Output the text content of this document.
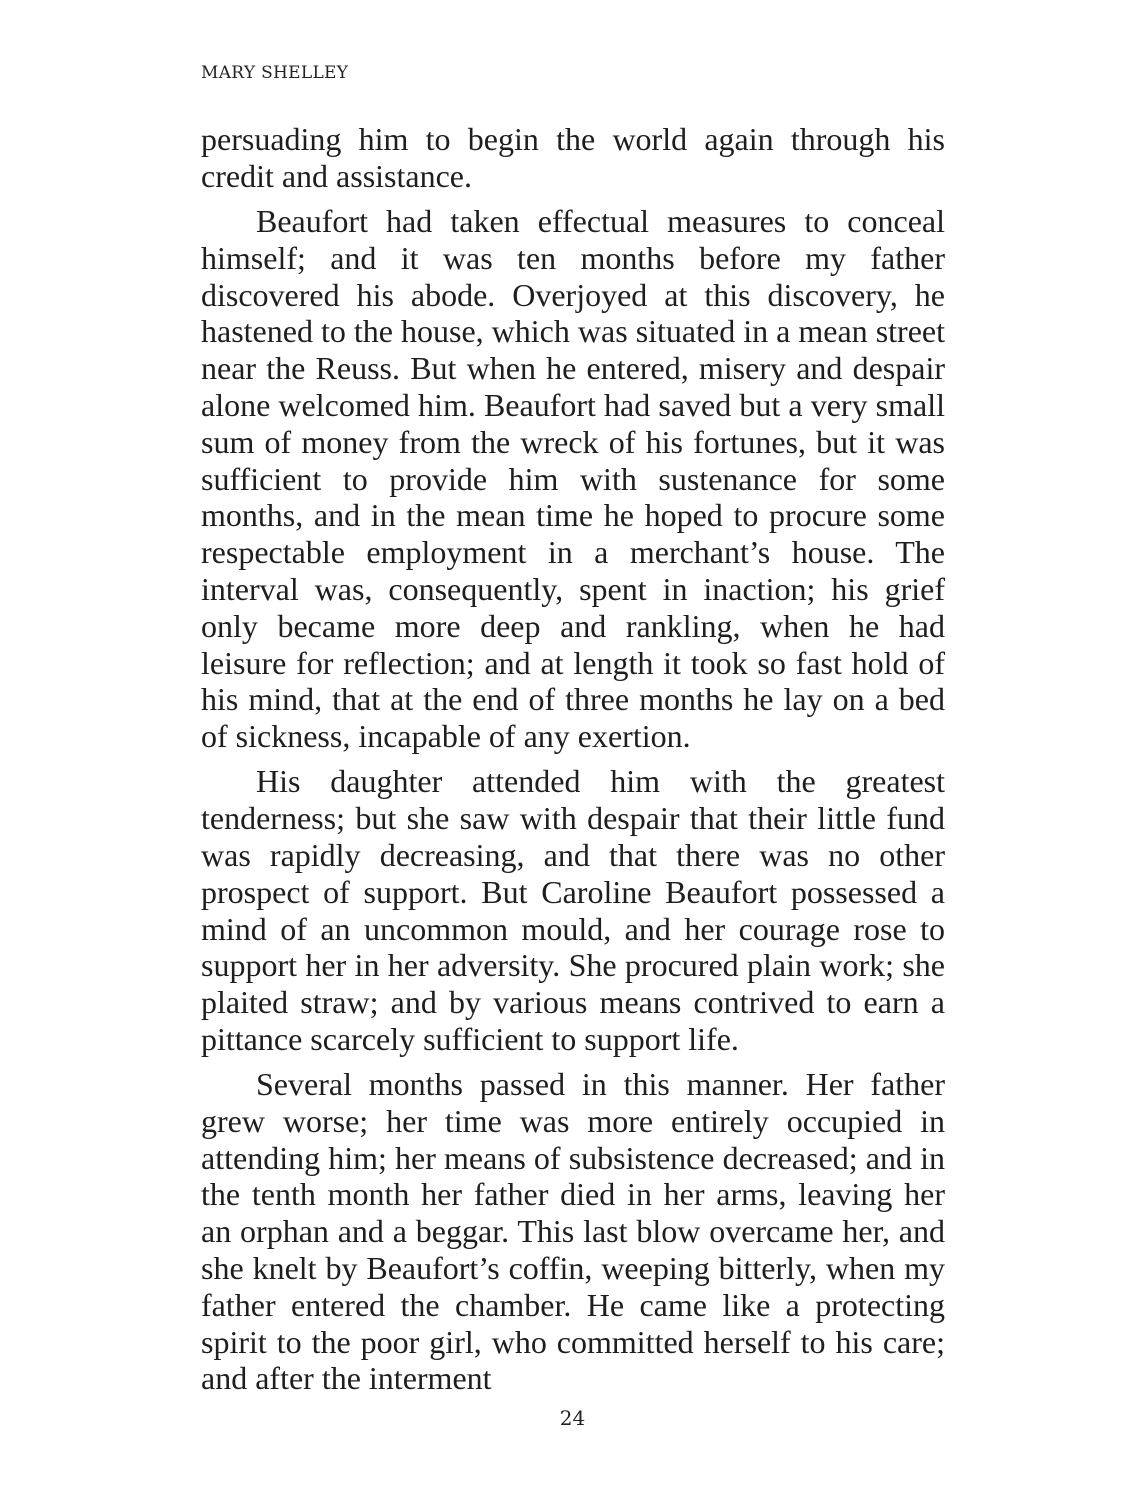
MARY SHELLEY

persuading him to begin the world again through his credit and assistance.

Beaufort had taken effectual measures to conceal himself; and it was ten months before my father discovered his abode. Overjoyed at this discovery, he hastened to the house, which was situated in a mean street near the Reuss. But when he entered, misery and despair alone welcomed him. Beaufort had saved but a very small sum of money from the wreck of his fortunes, but it was sufficient to provide him with sustenance for some months, and in the mean time he hoped to procure some respectable employment in a merchant’s house. The interval was, consequently, spent in inaction; his grief only became more deep and rankling, when he had leisure for reflection; and at length it took so fast hold of his mind, that at the end of three months he lay on a bed of sickness, incapable of any exertion.

His daughter attended him with the greatest tenderness; but she saw with despair that their little fund was rapidly decreasing, and that there was no other prospect of support. But Caroline Beaufort possessed a mind of an uncommon mould, and her courage rose to support her in her adversity. She procured plain work; she plaited straw; and by various means contrived to earn a pittance scarcely sufficient to support life.

Several months passed in this manner. Her father grew worse; her time was more entirely occupied in attending him; her means of subsistence decreased; and in the tenth month her father died in her arms, leaving her an orphan and a beggar. This last blow overcame her, and she knelt by Beaufort’s coffin, weeping bitterly, when my father entered the chamber. He came like a protecting spirit to the poor girl, who committed herself to his care; and after the interment

24
